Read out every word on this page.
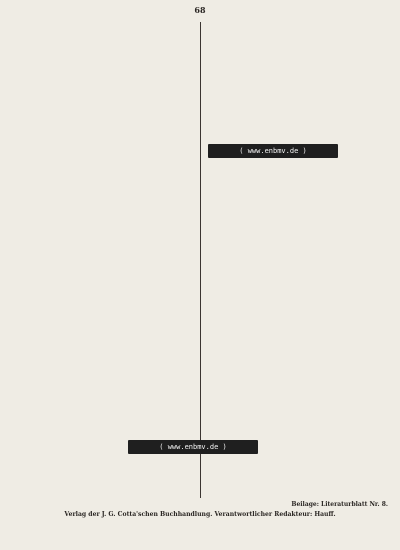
68

Beilage: Literaturblatt Nr. 8.
Verlag der J. G. Cotta'schen Buchhandlung. Verantwortlicher Redakteur: Hauff.
( www.enbmv.de )
( www.enbmv.de )
